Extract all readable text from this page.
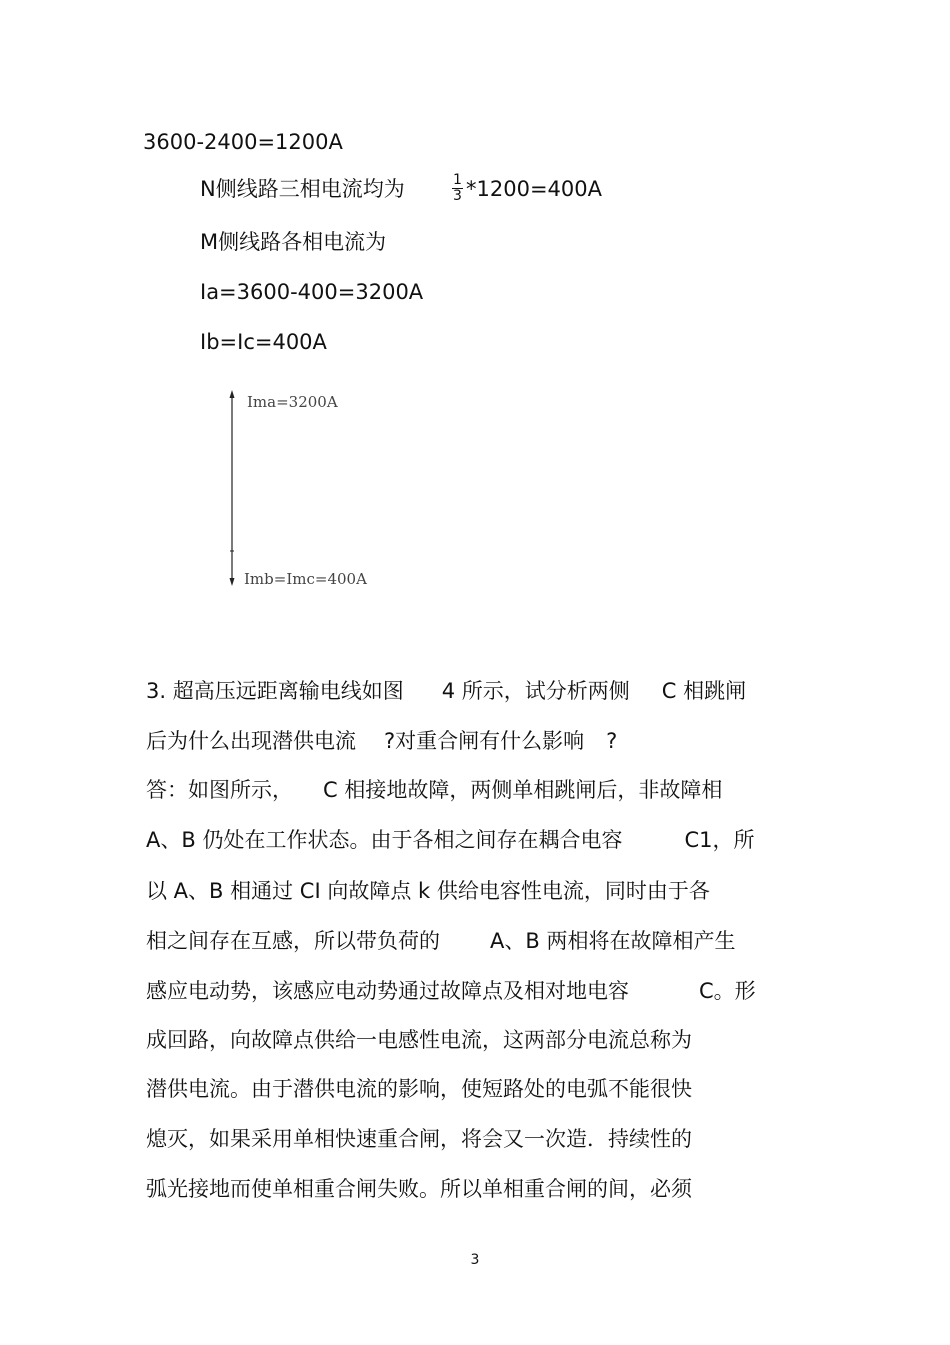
3600-2400=1200A
N侧线路三相电流均为	$\frac{1}{3} *1200=400A$
M侧线路各相电流为
Ia=3600-400=3200A
Ib=Ic=400A
Ima=3200A
Imb=Imc=400A
3. 超高压远距离输电线如图 4 所示，试分析两侧 C 相跳闸
后为什么出现潜供电流 ?对重合闸有什么影响 ?
答：如图所示， C 相接地故障，两侧单相跳闸后，非故障相
A、B 仍处在工作状态。由于各相之间存在耦合电容	C1，所
以 A、B 相通过 CI 向故障点 k 供给电容性电流，同时由于各
相之间存在互感，所以带负荷的 A、B 两相将在故障相产生
感应电动势，该感应电动势通过故障点及相对地电容	C。形
成回路，向故障点供给一电感性电流，这两部分电流总称为
潜供电流。由于潜供电流的影响，使短路处的电弧不能很快
熄灭，如果采用单相快速重合闸，将会又一次造．持续性的
弧光接地而使单相重合闸失败。所以单相重合闸的间，必须
3
